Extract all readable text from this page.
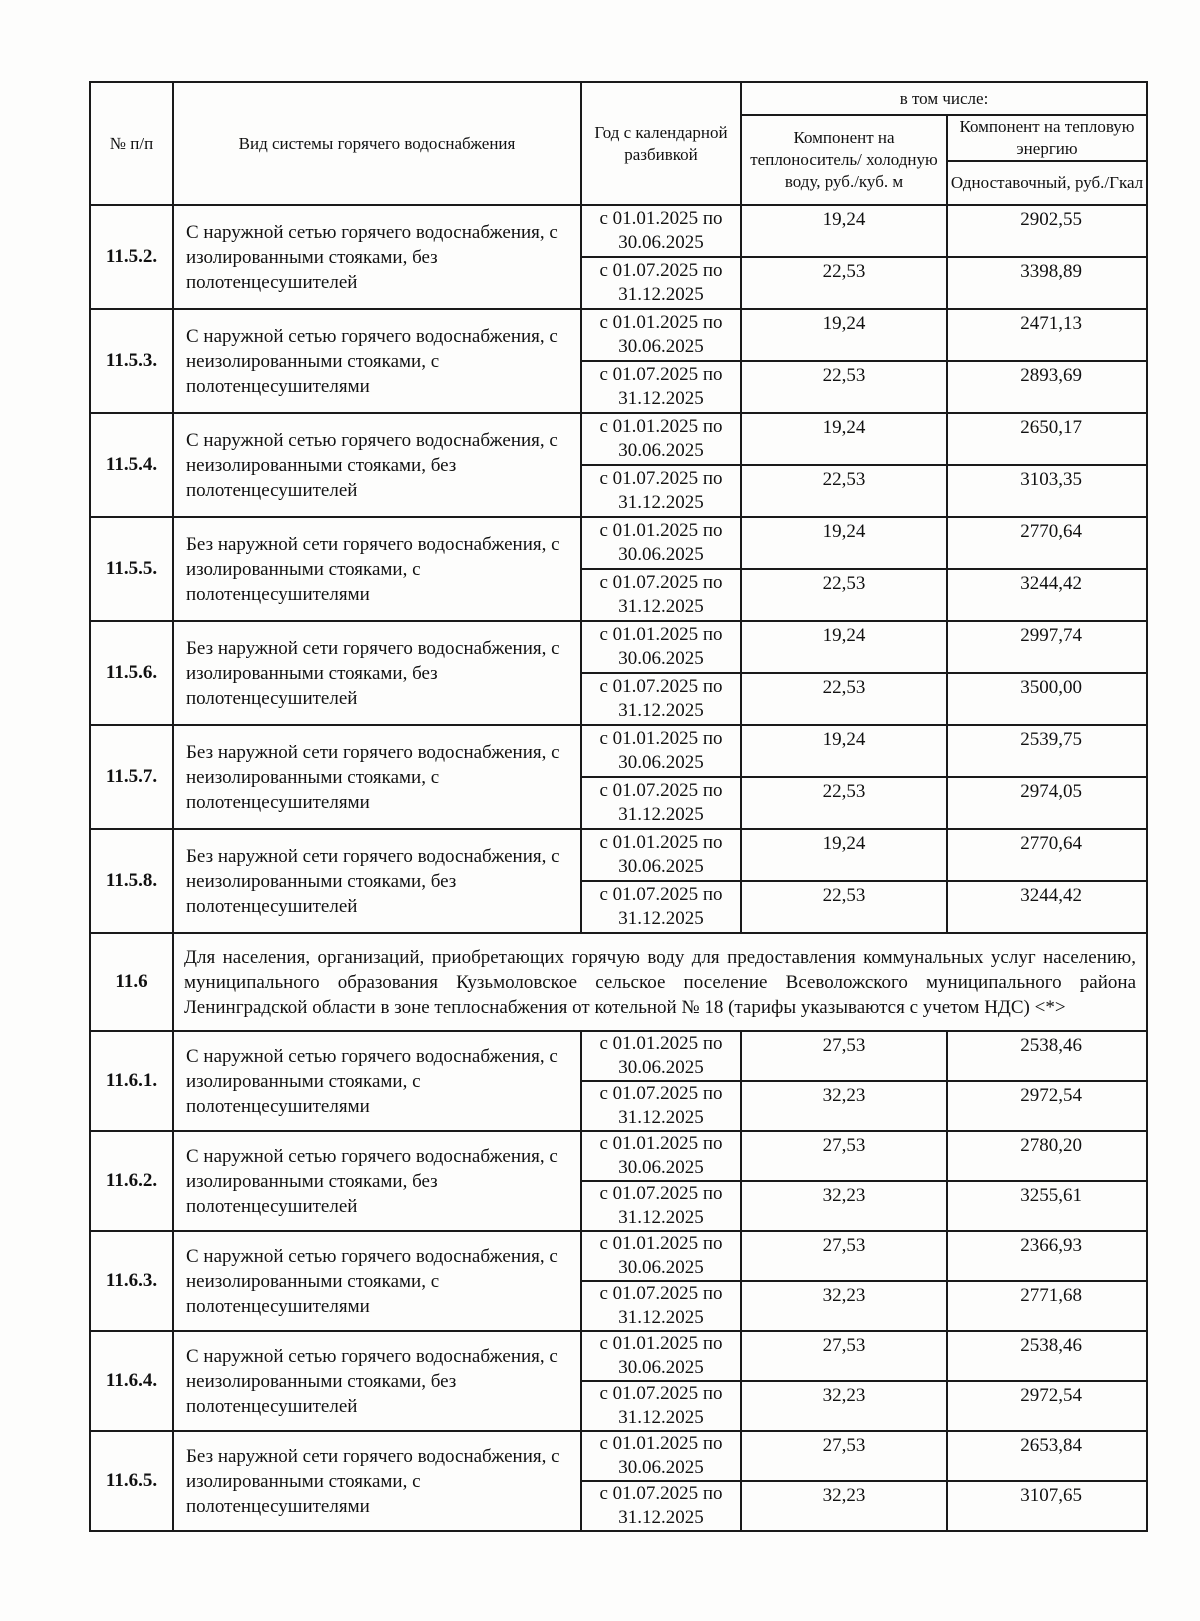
№ п/п	Вид системы горячего водоснабжения	Год с календарной разбивкой	в том числе:	
			Компонент на теплоноситель/ холодную воду, руб./куб. м	Компонент на тепловую энергию
				Одноставочный, руб./Гкал
11.5.2.	С наружной сетью горячего водоснабжения, с изолированными стояками, без полотенцесушителей	с 01.01.2025 по 30.06.2025	19,24	2902,55
		с 01.07.2025 по 31.12.2025	22,53	3398,89
11.5.3.	С наружной сетью горячего водоснабжения, с неизолированными стояками, с полотенцесушителями	с 01.01.2025 по 30.06.2025	19,24	2471,13
		с 01.07.2025 по 31.12.2025	22,53	2893,69
11.5.4.	С наружной сетью горячего водоснабжения, с неизолированными стояками, без полотенцесушителей	с 01.01.2025 по 30.06.2025	19,24	2650,17
		с 01.07.2025 по 31.12.2025	22,53	3103,35
11.5.5.	Без наружной сети горячего водоснабжения, с изолированными стояками, с полотенцесушителями	с 01.01.2025 по 30.06.2025	19,24	2770,64
		с 01.07.2025 по 31.12.2025	22,53	3244,42
11.5.6.	Без наружной сети горячего водоснабжения, с изолированными стояками, без полотенцесушителей	с 01.01.2025 по 30.06.2025	19,24	2997,74
		с 01.07.2025 по 31.12.2025	22,53	3500,00
11.5.7.	Без наружной сети горячего водоснабжения, с неизолированными стояками, с полотенцесушителями	с 01.01.2025 по 30.06.2025	19,24	2539,75
		с 01.07.2025 по 31.12.2025	22,53	2974,05
11.5.8.	Без наружной сети горячего водоснабжения, с неизолированными стояками, без полотенцесушителей	с 01.01.2025 по 30.06.2025	19,24	2770,64
		с 01.07.2025 по 31.12.2025	22,53	3244,42
11.6	Для населения, организаций, приобретающих горячую воду для предоставления коммунальных услуг населению, муниципального образования Кузьмоловское сельское поселение Всеволожского муниципального района Ленинградской области в зоне теплоснабжения от котельной № 18 (тарифы указываются с учетом НДС) <*>			
11.6.1.	С наружной сетью горячего водоснабжения, с изолированными стояками, с полотенцесушителями	с 01.01.2025 по 30.06.2025	27,53	2538,46
		с 01.07.2025 по 31.12.2025	32,23	2972,54
11.6.2.	С наружной сетью горячего водоснабжения, с изолированными стояками, без полотенцесушителей	с 01.01.2025 по 30.06.2025	27,53	2780,20
		с 01.07.2025 по 31.12.2025	32,23	3255,61
11.6.3.	С наружной сетью горячего водоснабжения, с неизолированными стояками, с полотенцесушителями	с 01.01.2025 по 30.06.2025	27,53	2366,93
		с 01.07.2025 по 31.12.2025	32,23	2771,68
11.6.4.	С наружной сетью горячего водоснабжения, с неизолированными стояками, без полотенцесушителей	с 01.01.2025 по 30.06.2025	27,53	2538,46
		с 01.07.2025 по 31.12.2025	32,23	2972,54
11.6.5.	Без наружной сети горячего водоснабжения, с изолированными стояками, с полотенцесушителями	с 01.01.2025 по 30.06.2025	27,53	2653,84
		с 01.07.2025 по 31.12.2025	32,23	3107,65
